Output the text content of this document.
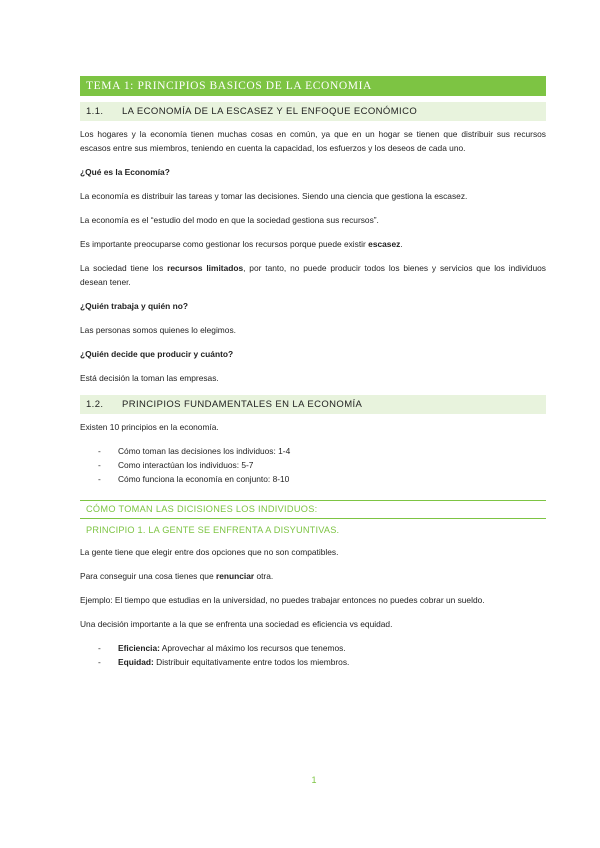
TEMA 1: PRINCIPIOS BASICOS DE LA ECONOMIA
1.1. LA ECONOMÍA DE LA ESCASEZ Y EL ENFOQUE ECONÓMICO

Los hogares y la economía tienen muchas cosas en común, ya que en un hogar se tienen que distribuir sus recursos escasos entre sus miembros, teniendo en cuenta la capacidad, los esfuerzos y los deseos de cada uno.

¿Qué es la Economía?

La economía es distribuir las tareas y tomar las decisiones. Siendo una ciencia que gestiona la escasez.

La economía es el “estudio del modo en que la sociedad gestiona sus recursos”.

Es importante preocuparse como gestionar los recursos porque puede existir escasez.

La sociedad tiene los recursos limitados, por tanto, no puede producir todos los bienes y servicios que los individuos desean tener.

¿Quién trabaja y quién no?

Las personas somos quienes lo elegimos.

¿Quién decide que producir y cuánto?

Está decisión la toman las empresas.

1.2. PRINCIPIOS FUNDAMENTALES EN LA ECONOMÍA

Existen 10 principios en la economía.

- Cómo toman las decisiones los individuos: 1-4
- Como interactúan los individuos: 5-7
- Cómo funciona la economía en conjunto: 8-10
CÓMO TOMAN LAS DICISIONES LOS INDIVIDUOS:
PRINCIPIO 1. LA GENTE SE ENFRENTA A DISYUNTIVAS.

La gente tiene que elegir entre dos opciones que no son compatibles.

Para conseguir una cosa tienes que renunciar otra.

Ejemplo: El tiempo que estudias en la universidad, no puedes trabajar entonces no puedes cobrar un sueldo.

Una decisión importante a la que se enfrenta una sociedad es eficiencia vs equidad.

- Eficiencia: Aprovechar al máximo los recursos que tenemos.
- Equidad: Distribuir equitativamente entre todos los miembros.
1
